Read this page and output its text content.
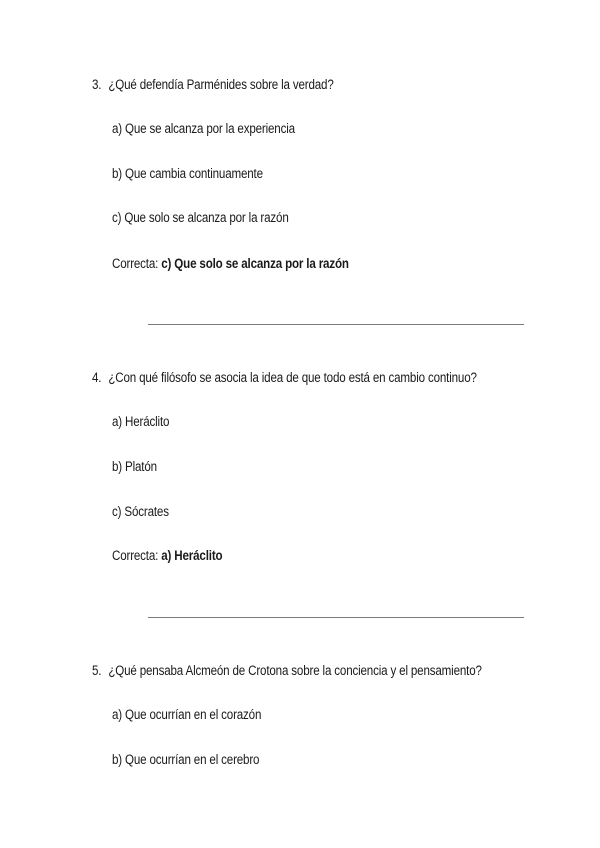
3. ¿Qué defendía Parménides sobre la verdad?
a) Que se alcanza por la experiencia
b) Que cambia continuamente
c) Que solo se alcanza por la razón
Correcta: c) Que solo se alcanza por la razón
4. ¿Con qué filósofo se asocia la idea de que todo está en cambio continuo?
a) Heráclito
b) Platón
c) Sócrates
Correcta: a) Heráclito
5. ¿Qué pensaba Alcmeón de Crotona sobre la conciencia y el pensamiento?
a) Que ocurrían en el corazón
b) Que ocurrían en el cerebro
